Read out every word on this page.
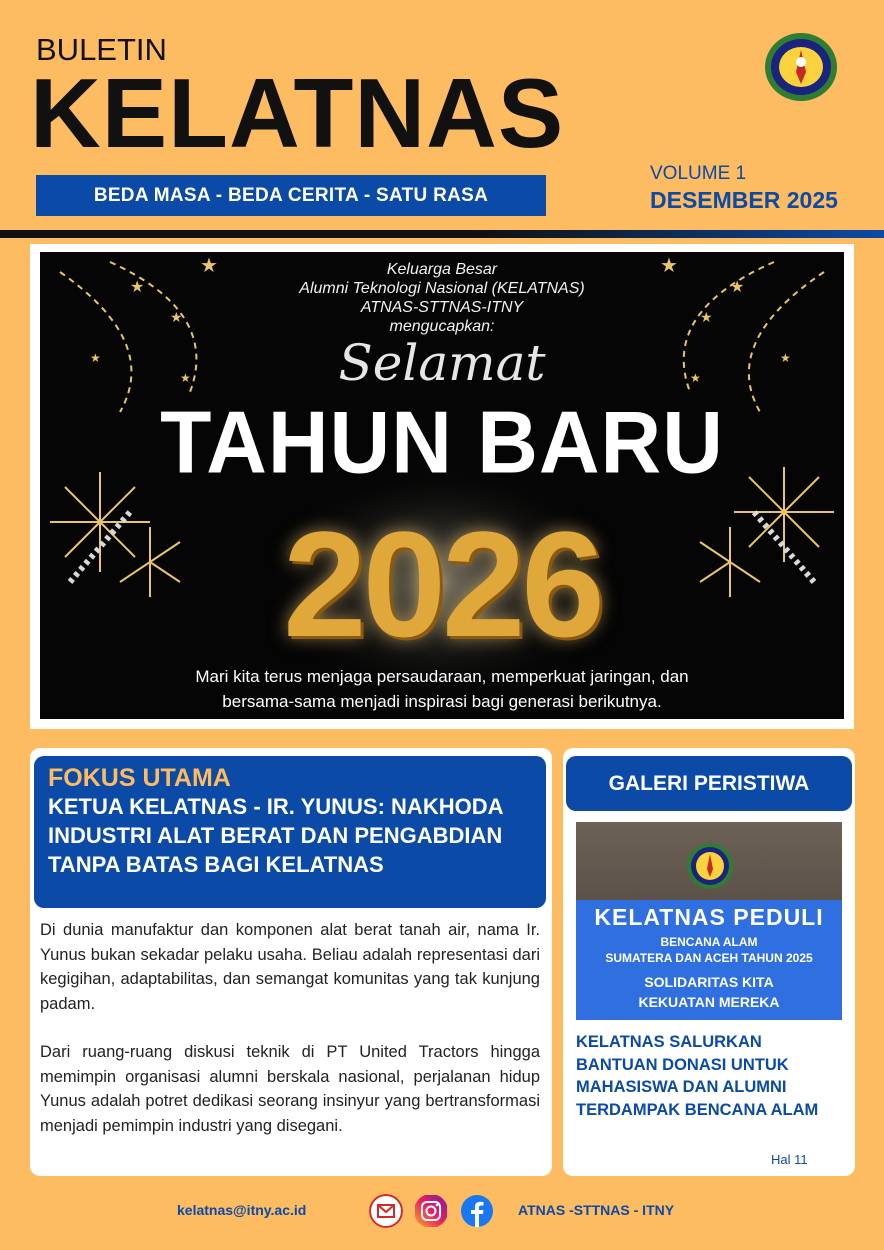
BULETIN
KELATNAS
BEDA MASA - BEDA CERITA - SATU RASA
VOLUME 1
DESEMBER 2025
★
★
★
★
★
★
★
★
★
★
Keluarga Besar
Alumni Teknologi Nasional (KELATNAS)
ATNAS-STTNAS-ITNY
mengucapkan:
Selamat
TAHUN BARU
2026
Mari kita terus menjaga persaudaraan, memperkuat jaringan, dan
bersama-sama menjadi inspirasi bagi generasi berikutnya.
FOKUS UTAMA
KETUA KELATNAS - IR. YUNUS: NAKHODA INDUSTRI ALAT BERAT DAN PENGABDIAN TANPA BATAS BAGI KELATNAS

Di dunia manufaktur dan komponen alat berat tanah air, nama Ir. Yunus bukan sekadar pelaku usaha. Beliau adalah representasi dari kegigihan, adaptabilitas, dan semangat komunitas yang tak kunjung padam.

Dari ruang-ruang diskusi teknik di PT United Tractors hingga memimpin organisasi alumni berskala nasional, perjalanan hidup Yunus adalah potret dedikasi seorang insinyur yang bertransformasi menjadi pemimpin industri yang disegani.

GALERI PERISTIWA
KELATNAS PEDULI
BENCANA ALAM
SUMATERA DAN ACEH TAHUN 2025
SOLIDARITAS KITA
KEKUATAN MEREKA
KELATNAS SALURKAN BANTUAN DONASI UNTUK MAHASISWA DAN ALUMNI TERDAMPAK BENCANA ALAM
Hal 11
kelatnas@itny.ac.id	ATNAS -STTNAS - ITNY
